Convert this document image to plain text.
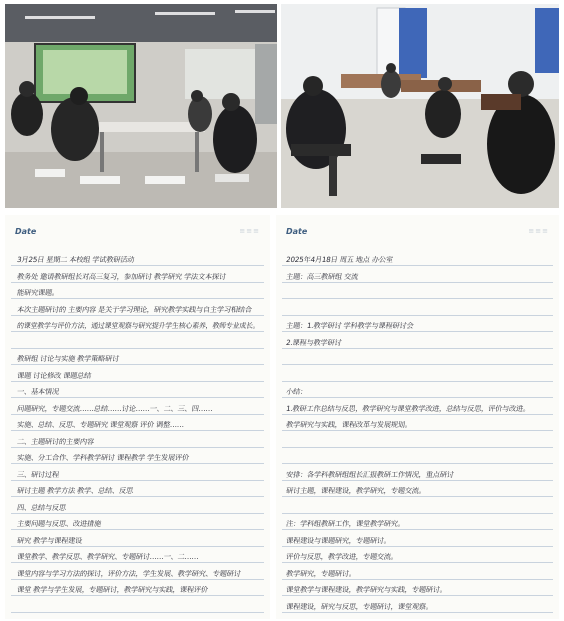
3月25日 星期二 本校组 学试教研活动
教务处 邀请教研组长对高三复习，参加研讨 教学研究 学法文本探讨
能研究课题。
本次主题研讨的 主要内容 是关于学习理论，研究教学实践与自主学习相结合
的课堂教学与评价方法，通过课堂观察与研究提升学生核心素养，教师专业成长。
教研组 讨论与实施 教学策略研讨
课题 讨论修改 课题总结
一、基本情况
问题研究，专题交流……总结……讨论……一、二、三、四……
实施、总结、反思、专题研究 课堂观察 评价 调整……
二、主题研讨的主要内容
实施、分工合作、学科教学研讨 课程教学 学生发展评价
三、研讨过程
研讨主题 教学方法 教学、总结、反思
四、总结与反思
主要问题与反思、改进措施
研究 教学与课程建设
课堂教学、教学反思、教学研究、专题研讨……一、二……
课堂内容与学习方法的探讨，评价方法，学生发展、教学研究、专题研讨
课堂 教学与学生发展，专题研讨，教学研究与实践，课程评价
Date	≡≡≡
2025年4月18日 周五 地点 办公室
主题：高三教研组 交流
主题：1.教学研讨 学科教学与课程研讨会
2.课程与教学研讨
小结：
1.教研工作总结与反思，教学研究与课堂教学改进，总结与反思，评价与改进。
教学研究与实践，课程改革与发展规划。
安排：各学科教研组组长汇报教研工作情况，重点研讨
研讨主题，课程建设，教学研究，专题交流。
注：学科组教研工作，课堂教学研究。
课程建设与课题研究，专题研讨。
评价与反思，教学改进，专题交流。
教学研究，专题研讨。
课堂教学与课程建设，教学研究与实践，专题研讨。
课程建设，研究与反思，专题研讨，课堂观察。
Date	≡≡≡
